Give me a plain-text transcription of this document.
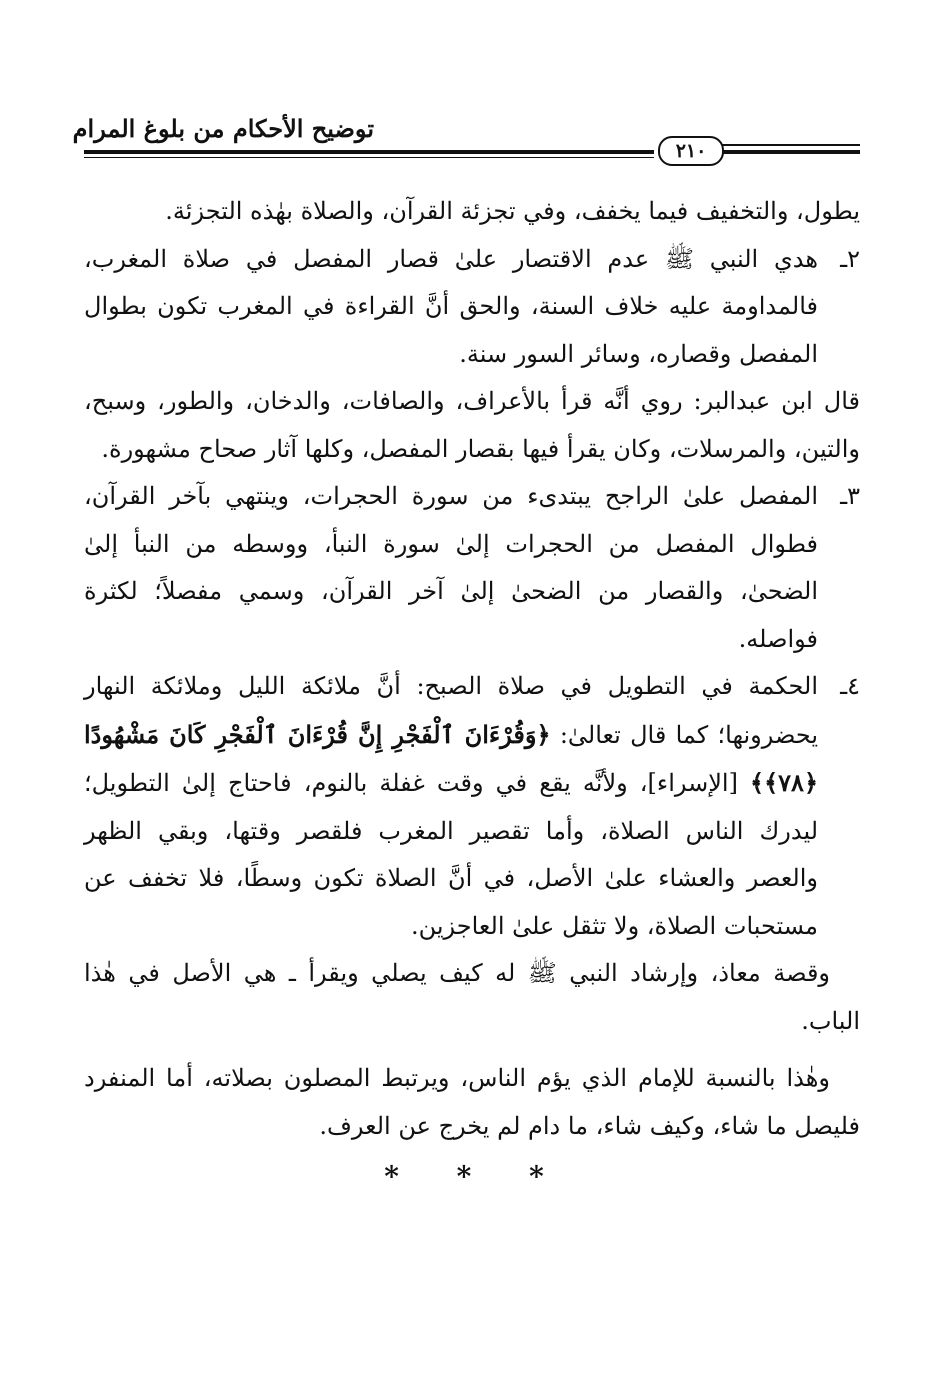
توضيح الأحكام من بلوغ المرام
٢١٠

يطول، والتخفيف فيما يخفف، وفي تجزئة القرآن، والصلاة بهٰذه التجزئة.

٢ـ

هدي النبي ﷺ عدم الاقتصار علىٰ قصار المفصل في صلاة المغرب، فالمداومة عليه خلاف السنة، والحق أنَّ القراءة في المغرب تكون بطوال المفصل وقصاره، وسائر السور سنة.

قال ابن عبدالبر: روي أنَّه قرأ بالأعراف، والصافات، والدخان، والطور، وسبح، والتين، والمرسلات، وكان يقرأ فيها بقصار المفصل، وكلها آثار صحاح مشهورة.

٣ـ

المفصل علىٰ الراجح يبتدىء من سورة الحجرات، وينتهي بآخر القرآن، فطوال المفصل من الحجرات إلىٰ سورة النبأ، ووسطه من النبأ إلىٰ الضحىٰ، والقصار من الضحىٰ إلىٰ آخر القرآن، وسمي مفصلاً؛ لكثرة فواصله.

٤ـ

الحكمة في التطويل في صلاة الصبح: أنَّ ملائكة الليل وملائكة النهار يحضرونها؛ كما قال تعالىٰ: ﴿وَقُرْءَانَ ٱلْفَجْرِ إِنَّ قُرْءَانَ ٱلْفَجْرِ كَانَ مَشْهُودًا ﴿٧٨﴾﴾ [الإسراء]، ولأنَّه يقع في وقت غفلة بالنوم، فاحتاج إلىٰ التطويل؛ ليدرك الناس الصلاة، وأما تقصير المغرب فلقصر وقتها، وبقي الظهر والعصر والعشاء علىٰ الأصل، في أنَّ الصلاة تكون وسطًا، فلا تخفف عن مستحبات الصلاة، ولا تثقل علىٰ العاجزين.

وقصة معاذ، وإرشاد النبي ﷺ له كيف يصلي ويقرأ ـ هي الأصل في هٰذا الباب.

وهٰذا بالنسبة للإمام الذي يؤم الناس، ويرتبط المصلون بصلاته، أما المنفرد فليصل ما شاء، وكيف شاء، ما دام لم يخرج عن العرف.

* * *
